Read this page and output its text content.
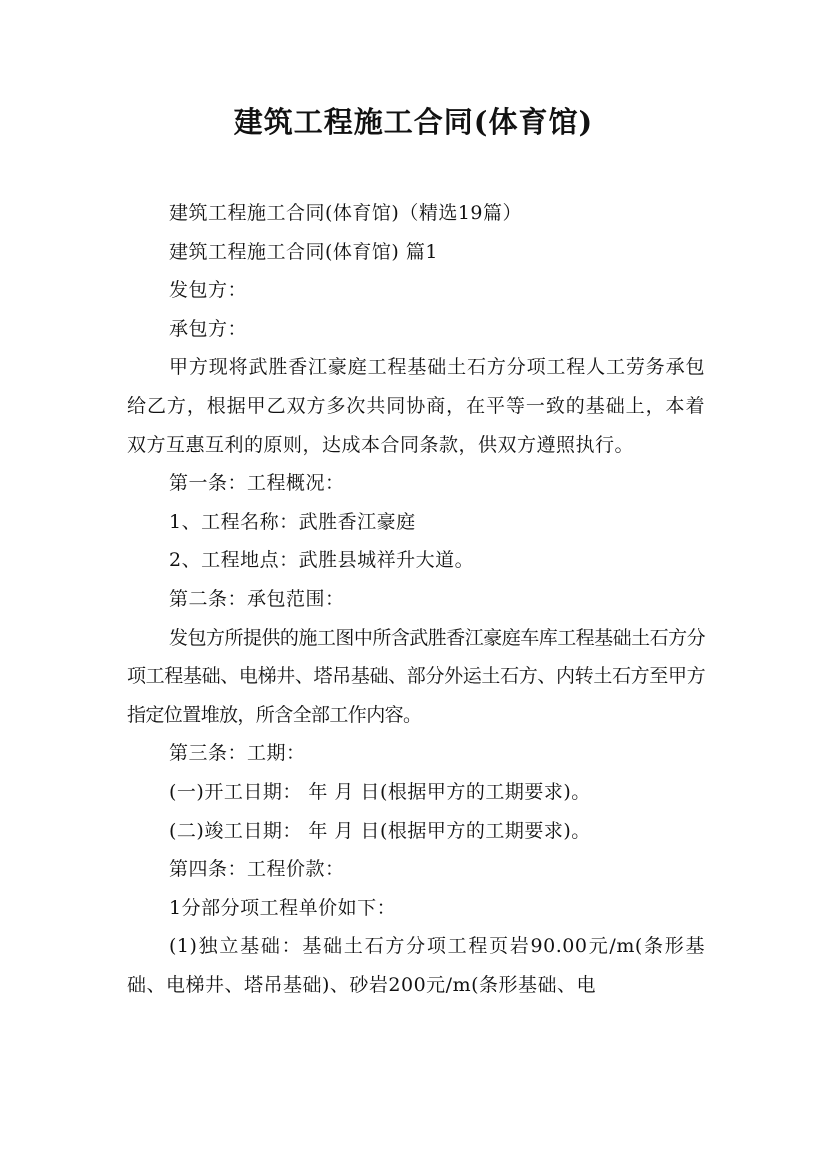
建筑工程施工合同(体育馆)

建筑工程施工合同(体育馆)（精选19篇）

建筑工程施工合同(体育馆) 篇1

发包方：

承包方：

甲方现将武胜香江豪庭工程基础土石方分项工程人工劳务承包给乙方，根据甲乙双方多次共同协商，在平等一致的基础上，本着双方互惠互利的原则，达成本合同条款，供双方遵照执行。

第一条：工程概况：

1、工程名称：武胜香江豪庭

2、工程地点：武胜县城祥升大道。

第二条：承包范围：

发包方所提供的施工图中所含武胜香江豪庭车库工程基础土石方分项工程基础、电梯井、塔吊基础、部分外运土石方、内转土石方至甲方指定位置堆放，所含全部工作内容。

第三条：工期：

(一)开工日期： 年 月 日(根据甲方的工期要求)。

(二)竣工日期： 年 月 日(根据甲方的工期要求)。

第四条：工程价款：

1分部分项工程单价如下：

(1)独立基础：基础土石方分项工程页岩90.00元/m(条形基础、电梯井、塔吊基础)、砂岩200元/m(条形基础、电
